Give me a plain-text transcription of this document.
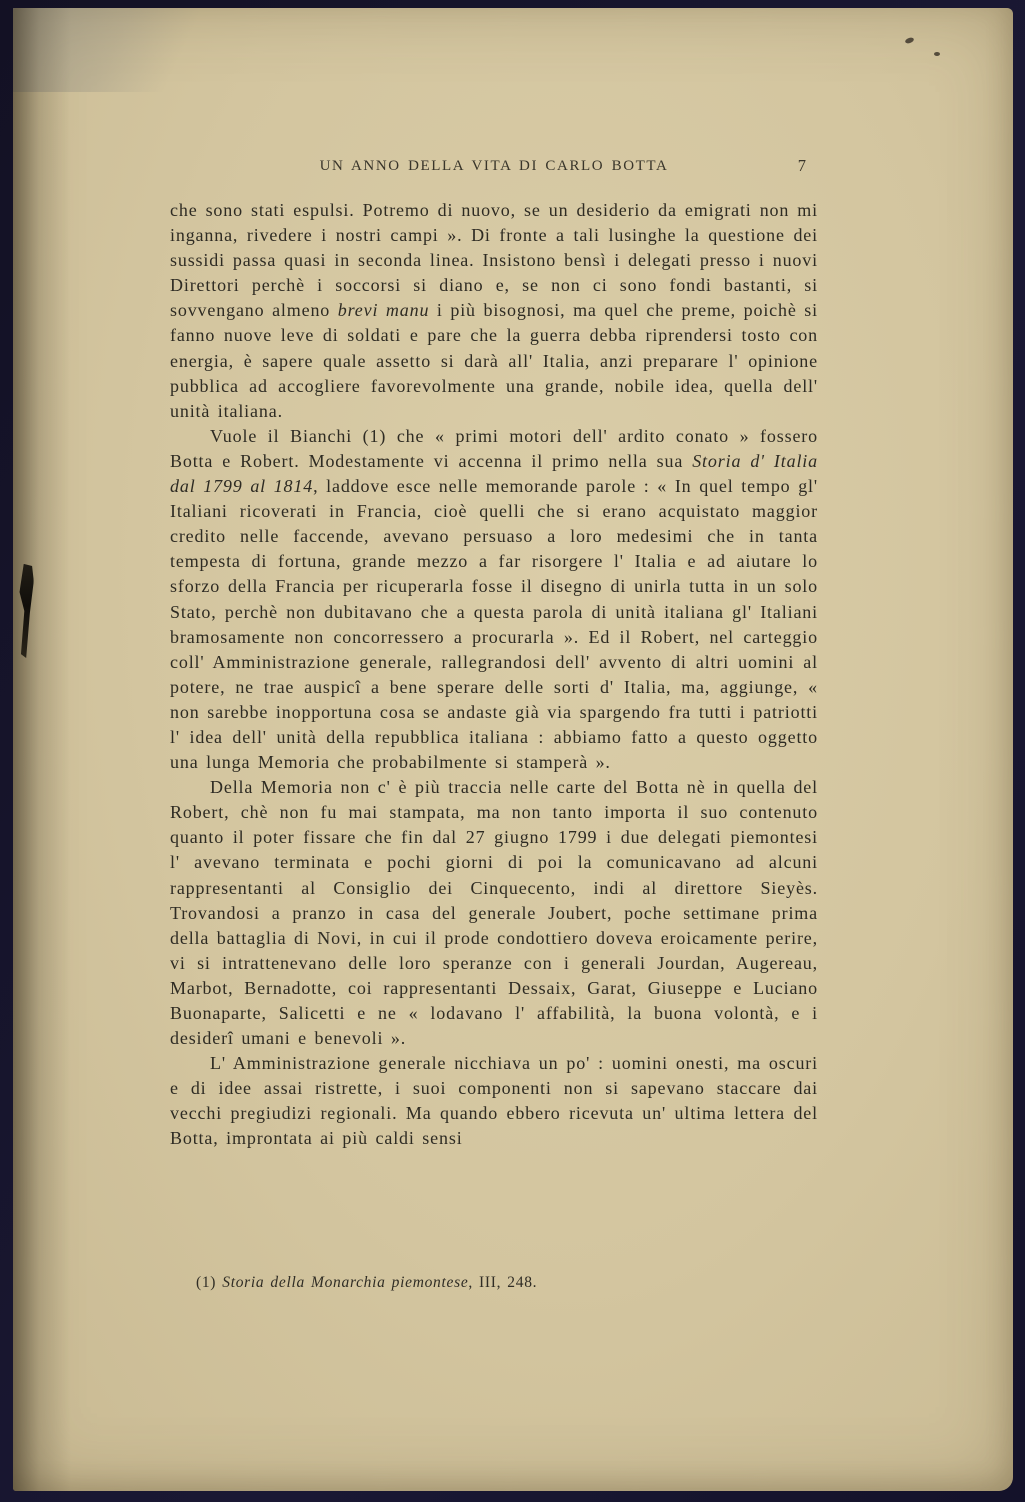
UN ANNO DELLA VITA DI CARLO BOTTA	7

che sono stati espulsi. Potremo di nuovo, se un desiderio da emigrati non mi inganna, rivedere i nostri campi ». Di fronte a tali lusinghe la questione dei sussidi passa quasi in seconda linea. Insistono bensì i delegati presso i nuovi Direttori perchè i soccorsi si diano e, se non ci sono fondi bastanti, si sovvengano almeno brevi manu i più bisognosi, ma quel che preme, poichè si fanno nuove leve di soldati e pare che la guerra debba riprendersi tosto con energia, è sapere quale assetto si darà all' Italia, anzi preparare l' opinione pubblica ad accogliere favorevolmente una grande, nobile idea, quella dell' unità italiana.

Vuole il Bianchi (1) che « primi motori dell' ardito conato » fossero Botta e Robert. Modestamente vi accenna il primo nella sua Storia d' Italia dal 1799 al 1814, laddove esce nelle memorande parole : « In quel tempo gl' Italiani ricoverati in Francia, cioè quelli che si erano acquistato maggior credito nelle faccende, avevano persuaso a loro medesimi che in tanta tempesta di fortuna, grande mezzo a far risorgere l' Italia e ad aiutare lo sforzo della Francia per ricuperarla fosse il disegno di unirla tutta in un solo Stato, perchè non dubitavano che a questa parola di unità italiana gl' Italiani bramosamente non concorressero a procurarla ». Ed il Robert, nel carteggio coll' Amministrazione generale, rallegrandosi dell' avvento di altri uomini al potere, ne trae auspicî a bene sperare delle sorti d' Italia, ma, aggiunge, « non sarebbe inopportuna cosa se andaste già via spargendo fra tutti i patriotti l' idea dell' unità della repubblica italiana : abbiamo fatto a questo oggetto una lunga Memoria che probabilmente si stamperà ».

Della Memoria non c' è più traccia nelle carte del Botta nè in quella del Robert, chè non fu mai stampata, ma non tanto importa il suo contenuto quanto il poter fissare che fin dal 27 giugno 1799 i due delegati piemontesi l' avevano terminata e pochi giorni di poi la comunicavano ad alcuni rappresentanti al Consiglio dei Cinquecento, indi al direttore Sieyès. Trovandosi a pranzo in casa del generale Joubert, poche settimane prima della battaglia di Novi, in cui il prode condottiero doveva eroicamente perire, vi si intrattenevano delle loro speranze con i generali Jourdan, Augereau, Marbot, Bernadotte, coi rappresentanti Dessaix, Garat, Giuseppe e Luciano Buonaparte, Salicetti e ne « lodavano l' affabilità, la buona volontà, e i desiderî umani e benevoli ».

L' Amministrazione generale nicchiava un po' : uomini onesti, ma oscuri e di idee assai ristrette, i suoi componenti non si sapevano staccare dai vecchi pregiudizi regionali. Ma quando ebbero ricevuta un' ultima lettera del Botta, improntata ai più caldi sensi

(1) Storia della Monarchia piemontese, III, 248.
